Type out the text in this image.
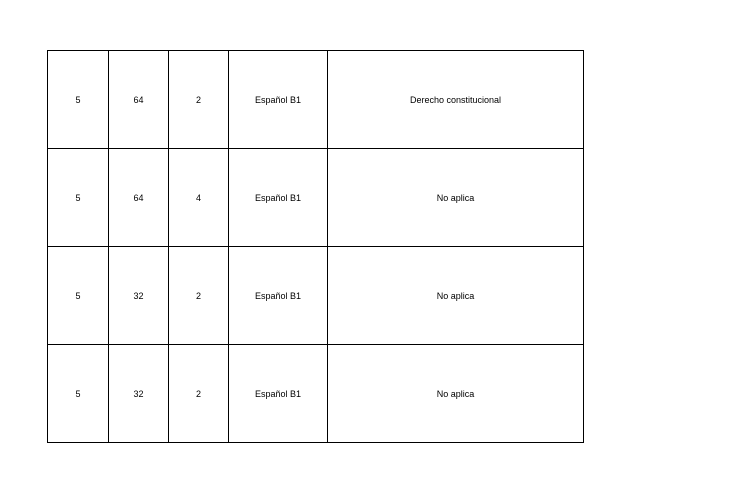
5	64	2	Español B1	Derecho constitucional
5	64	4	Español B1	No aplica
5	32	2	Español B1	No aplica
5	32	2	Español B1	No aplica
